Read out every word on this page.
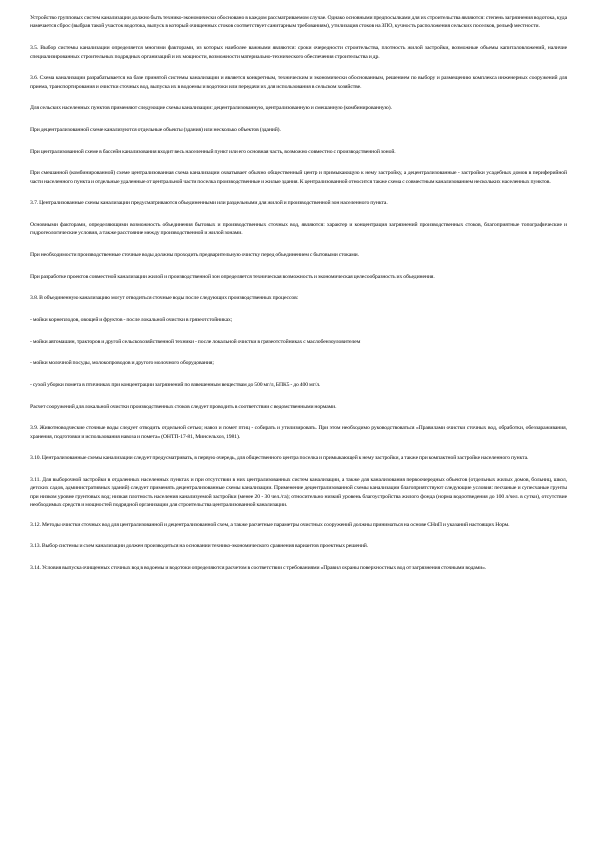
Устройство групповых систем канализации должно быть технико-экономически обосновано в каждом рассматриваемом случае. Однако основными предпосылками для их строительства являются: степень загрязнения водотока, куда намечается сброс (выбрав такой участок водотока, выпуск в который очищенных стоков соответствует санитарным требованиям), утилизация стоков на ЗПО, кучность расположения сельских поселков, рельеф местности.

3.5. Выбор системы канализации определяется многими факторами, из которых наиболее важными являются: сроки очередности строительства, плотность жилой застройки, возможные объемы капиталовложений, наличие специализированных строительных подрядных организаций и их мощности, возможности материально-технического обеспечения строительства и др.

3.6. Схема канализации разрабатывается на базе принятой системы канализации и является конкретным, техническим и экономически обоснованным, решением по выбору и размещению комплекса инженерных сооружений для приема, транспортирования и очистки сточных вод, выпуска их в водоемы и водотоки или передачи их для использования в сельском хозяйстве.

Для сельских населенных пунктов применяют следующие схемы канализации: децентрализованную, централизованную и смешанную (комбинированную).

При децентрализованной схеме канализуются отдельные объекты (здания) или несколько объектов (зданий).

При централизованной схеме в бассейн канализования входит весь населенный пункт или его основная часть, возможно совместно с производственной зоной.

При смешанной (комбинированной) схеме централизованная схема канализации охватывает обычно общественный центр и примыкающую к нему застройку, а децентрализованные - застройки усадебных домов в периферийной части населенного пункта и отдельные удаленные от центральной части поселка производственные и жилые здания. К централизованной относится также схема с совместным канализованием нескольких населенных пунктов.

3.7. Централизованные схемы канализации предусматриваются объединенными или раздельными для жилой и производственной зон населенного пункта.

Основными факторами, определяющими возможность объединения бытовых и производственных сточных вод, являются: характер и концентрация загрязнений производственных стоков, благоприятные топографические и гидрогеологические условия, а также расстояние между производственной и жилой зонами.

При необходимости производственные сточные воды должны проходить предварительную очистку перед объединением с бытовыми стоками.

При разработке проектов совместной канализации жилой и производственной зон определяется техническая возможность и экономическая целесообразность их объединения.

3.8. В объединенную канализацию могут отводиться сточные воды после следующих производственных процессов:

- мойки корнеплодов, овощей и фруктов - после локальной очистки в грязеотстойниках;

- мойки автомашин, тракторов и другой сельскохозяйственной техники - после локальной очистки в грязеотстойниках с маслобензоуловителем

- мойки молочной посуды, молокопроводов и другого молочного оборудования;

- сухой уборки помета в птичниках при концентрации загрязнений по взвешенным веществам до 500 мг/л, БПК5 - до 400 мг/л.

Расчет сооружений для локальной очистки производственных стоков следует проводить в соответствии с ведомственными нормами.

3.9. Животноводческие сточные воды следует отводить отдельной сетью; навоз и помет птиц - собирать и утилизировать. При этом необходимо руководствоваться «Правилами очистки сточных вод, обработки, обеззараживания, хранения, подготовки и использования навоза и помета» (ОНТП-17-81, Минсельхоз, 1981).

3.10. Централизованные схемы канализации следует предусматривать, в первую очередь, для общественного центра поселка и примыкающей к нему застройки, а также при компактной застройке населенного пункта.

3.11. Для выборочной застройки в отдаленных населенных пунктах и при отсутствии в них централизованных систем канализации, а также для канализования первоочередных объектов (отдельных жилых домов, больниц, школ, детских садов, административных зданий) следует применять децентрализованные схемы канализации. Применение децентрализованной схемы канализации благоприятствуют следующие условия: песчаные и супесчаные грунты при низком уровне грунтовых вод; низкая плотность населения канализуемой застройки (менее 20 - 30 чел./га); относительно низкий уровень благоустройства жилого фонда (норма водоотведения до 100 л/чел. в сутки), отсутствие необходимых средств и мощностей подрядной организации для строительства централизованной канализации.

3.12. Методы очистки сточных вод для централизованной и децентрализованной схем, а также расчетные параметры очистных сооружений должны приниматься на основе СНиП и указаний настоящих Норм.

3.13. Выбор системы и схем канализации должен производиться на основании технико-экономического сравнения вариантов проектных решений.

3.14. Условия выпуска очищенных сточных вод в водоемы и водотоки определяются расчетом в соответствии с требованиями «Правил охраны поверхностных вод от загрязнения сточными водами».
